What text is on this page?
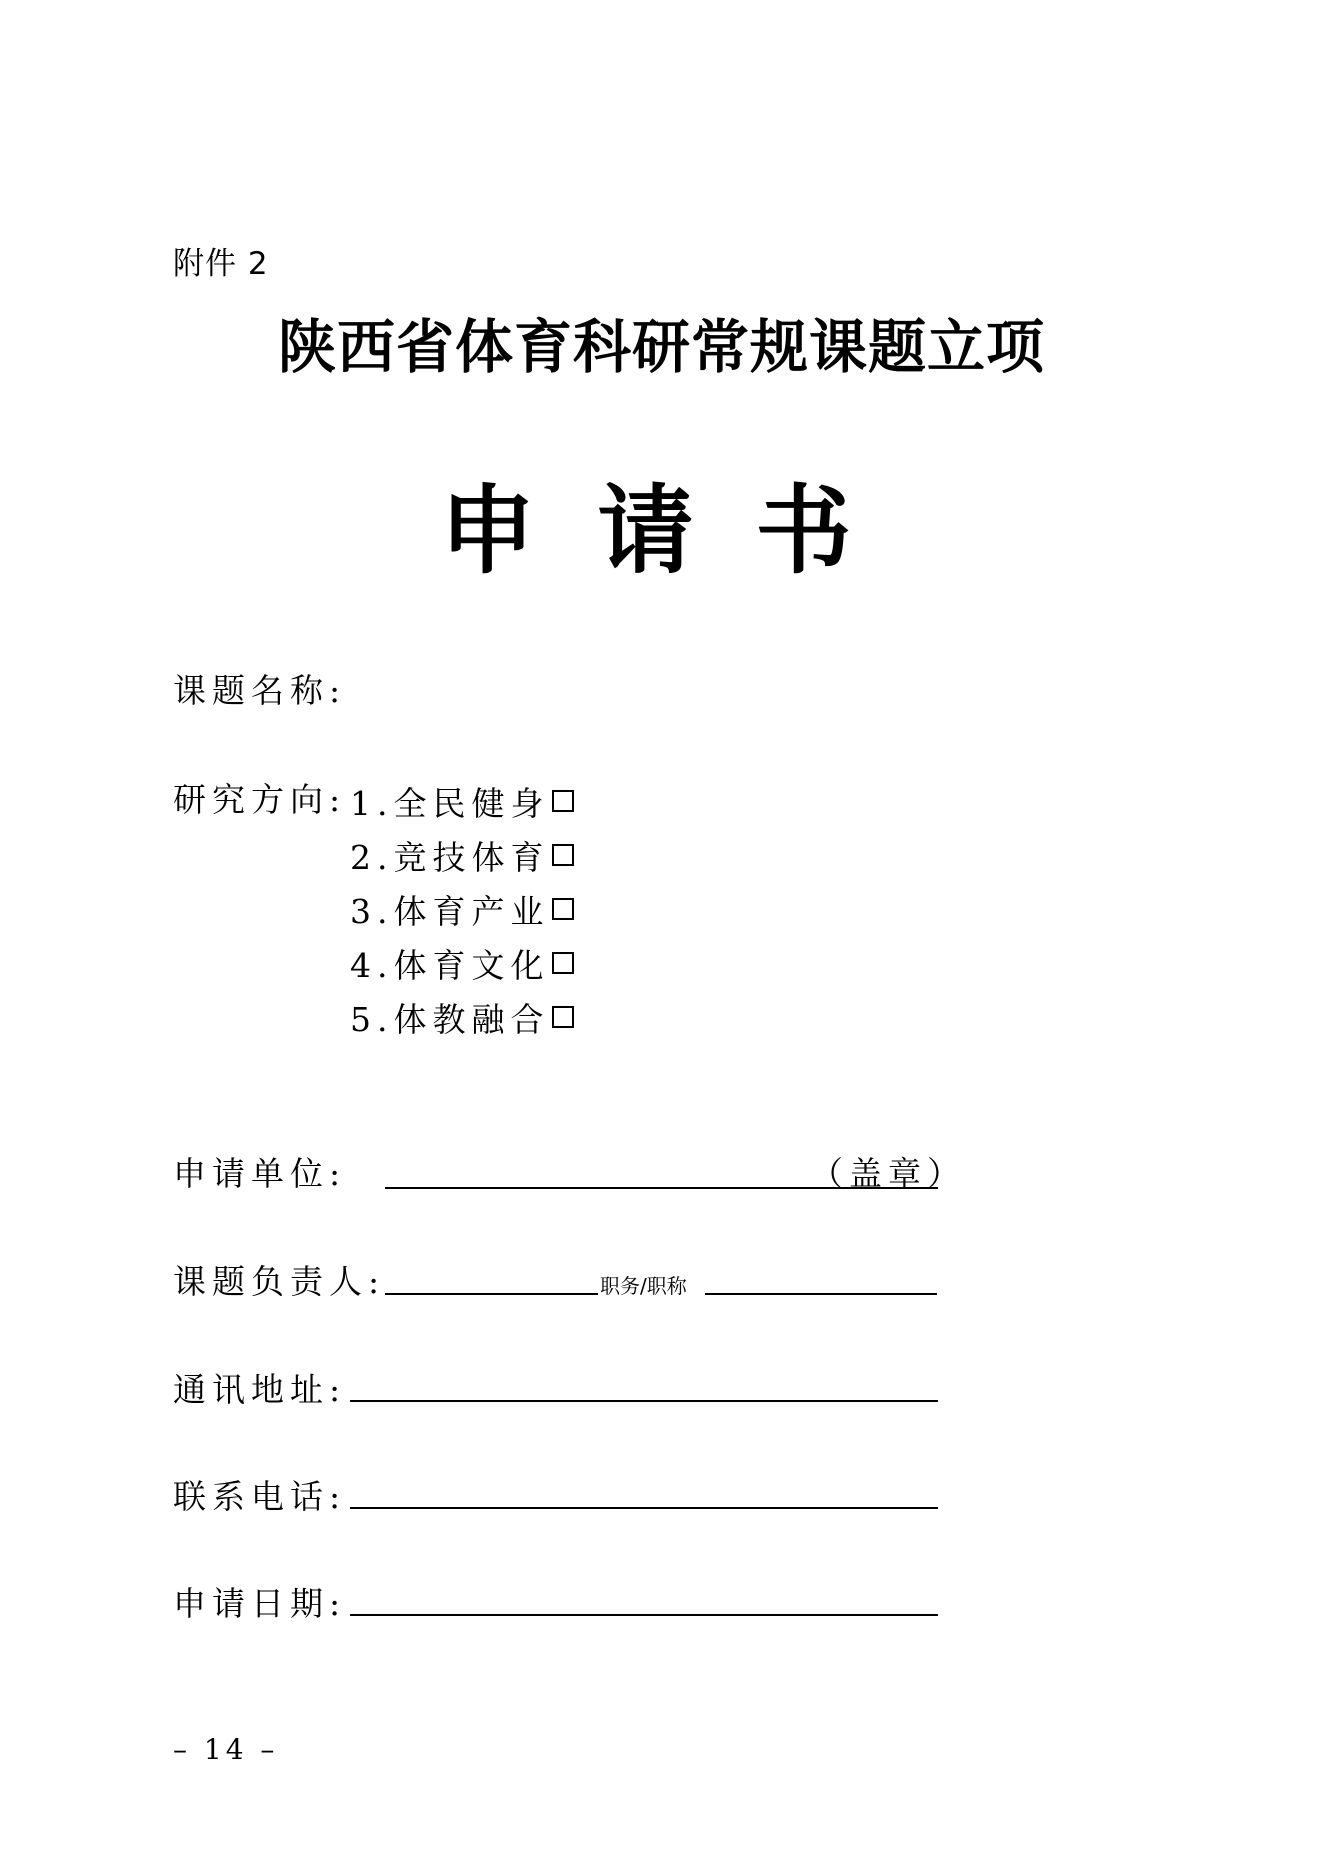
附件 2
陕西省体育科研常规课题立项
申请书
课题名称:
研究方向: 1.全民健身
2.竞技体育
3.体育产业
4.体育文化
5.体教融合
申请单位:	（盖章）
课题负责人:	职务/职称
通讯地址:
联系电话:
申请日期:
– 14 –
